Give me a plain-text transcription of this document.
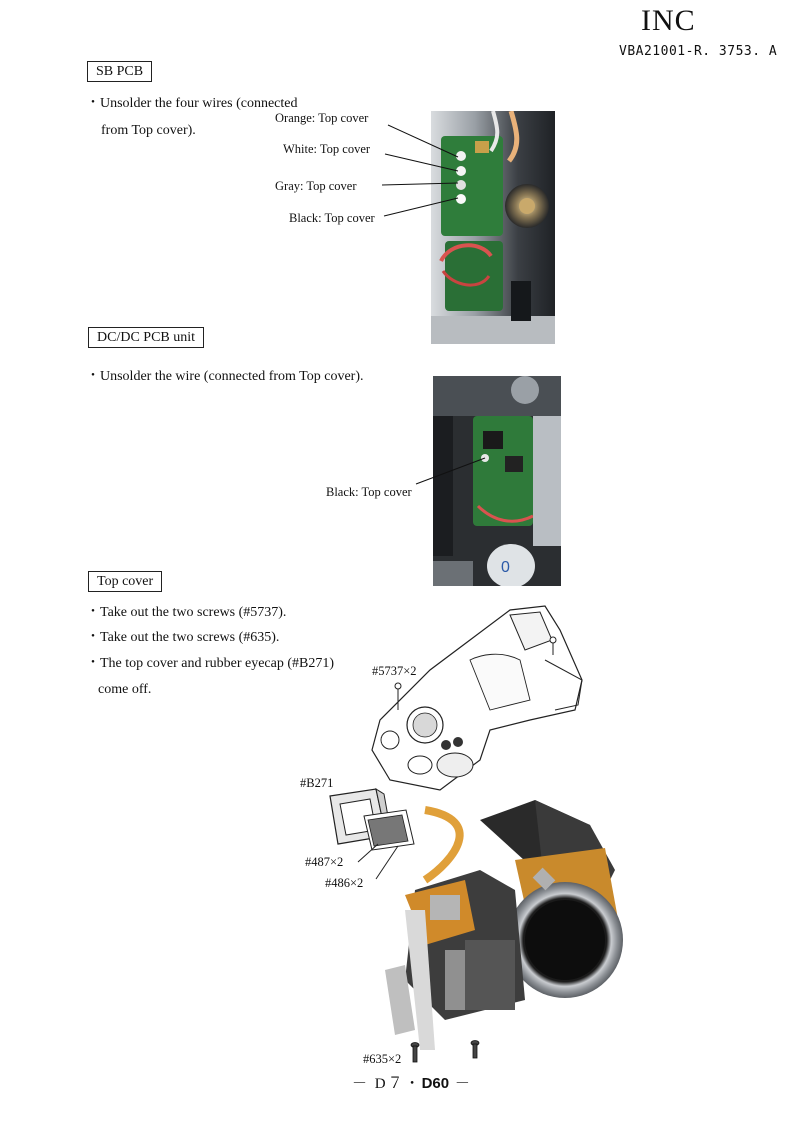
INC
VBA21001-R. 3753. A
SB PCB
・Unsolder the four wires (connected
from Top cover).
Orange: Top cover
White: Top cover
Gray: Top cover
Black: Top cover
DC/DC PCB unit
・Unsolder the wire (connected from Top cover).
Black: Top cover
0
Top cover
・Take out the two screws (#5737).
・Take out the two screws (#635).
・The top cover and rubber eyecap (#B271)
come off.
#5737×2
#B271
#487×2
#486×2
#635×2
－ D７・D60 －
